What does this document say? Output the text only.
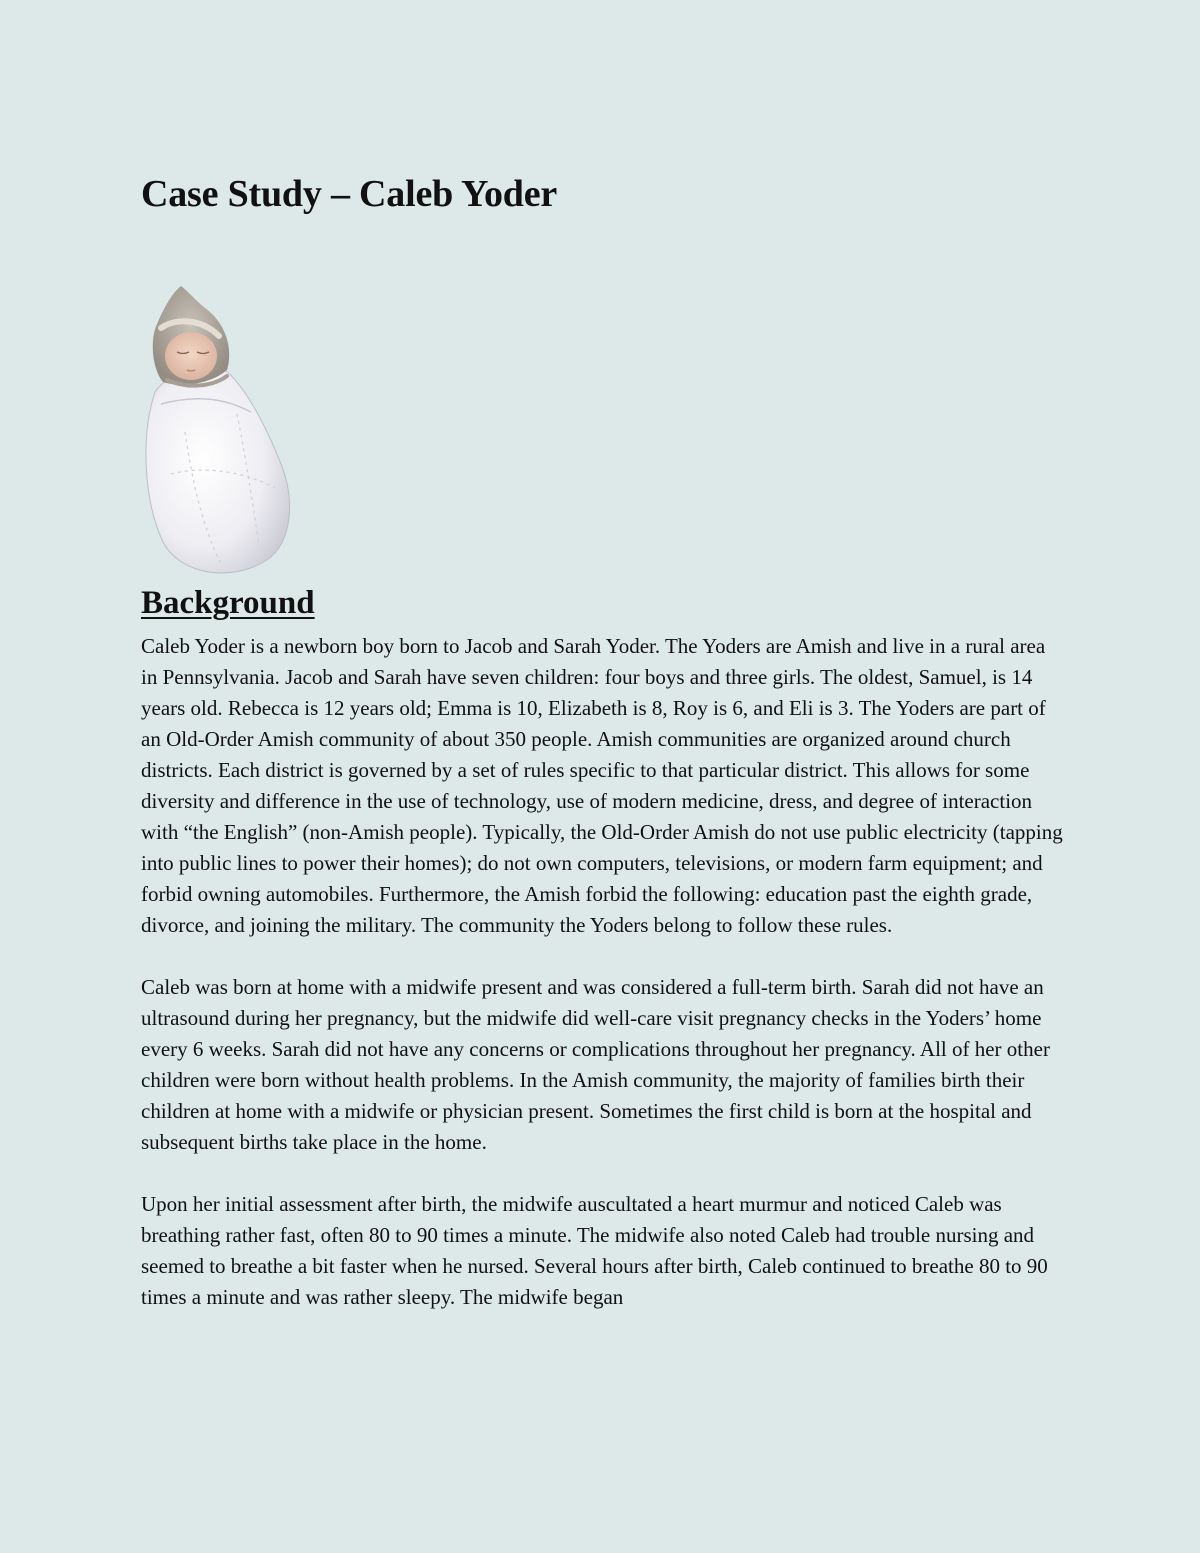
Case Study – Caleb Yoder
Background

Caleb Yoder is a newborn boy born to Jacob and Sarah Yoder. The Yoders are Amish and live in a rural area in Pennsylvania. Jacob and Sarah have seven children: four boys and three girls. The oldest, Samuel, is 14 years old. Rebecca is 12 years old; Emma is 10, Elizabeth is 8, Roy is 6, and Eli is 3. The Yoders are part of an Old-Order Amish community of about 350 people. Amish communities are organized around church districts. Each district is governed by a set of rules specific to that particular district. This allows for some diversity and difference in the use of technology, use of modern medicine, dress, and degree of interaction with “the English” (non-Amish people). Typically, the Old-Order Amish do not use public electricity (tapping into public lines to power their homes); do not own computers, televisions, or modern farm equipment; and forbid owning automobiles. Furthermore, the Amish forbid the following: education past the eighth grade, divorce, and joining the military. The community the Yoders belong to follow these rules.

Caleb was born at home with a midwife present and was considered a full-term birth. Sarah did not have an ultrasound during her pregnancy, but the midwife did well-care visit pregnancy checks in the Yoders’ home every 6 weeks. Sarah did not have any concerns or complications throughout her pregnancy. All of her other children were born without health problems. In the Amish community, the majority of families birth their children at home with a midwife or physician present. Sometimes the first child is born at the hospital and subsequent births take place in the home.

Upon her initial assessment after birth, the midwife auscultated a heart murmur and noticed Caleb was breathing rather fast, often 80 to 90 times a minute. The midwife also noted Caleb had trouble nursing and seemed to breathe a bit faster when he nursed. Several hours after birth, Caleb continued to breathe 80 to 90 times a minute and was rather sleepy. The midwife began
